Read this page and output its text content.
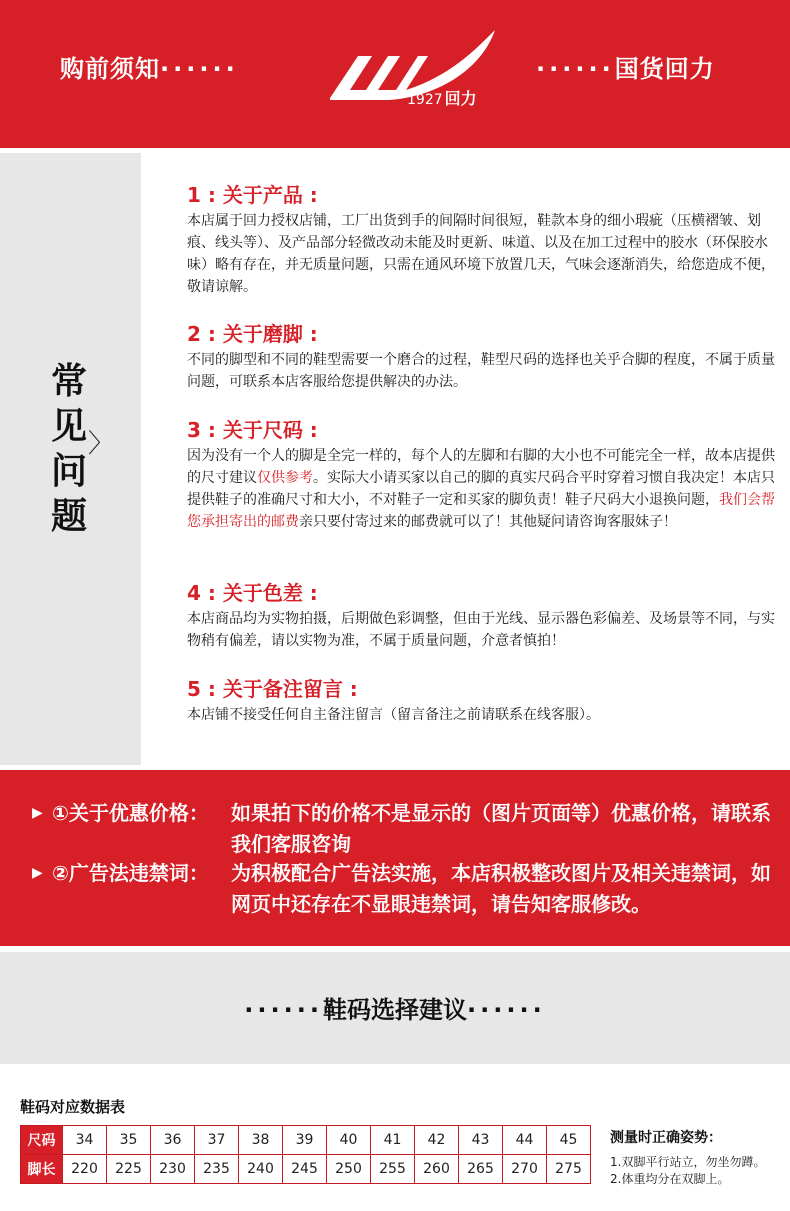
购前须知······
1927 回力
······国货回力
常
见
问
题
〉
1 : 关于产品 :
本店属于回力授权店铺，工厂出货到手的间隔时间很短，鞋款本身的细小瑕疵（压横褶皱、划痕、线头等）、及产品部分轻微改动未能及时更新、味道、以及在加工过程中的胶水（环保胶水味）略有存在，并无质量问题，只需在通风环境下放置几天，气味会逐渐消失，给您造成不便，敬请谅解。
2 : 关于磨脚 :
不同的脚型和不同的鞋型需要一个磨合的过程，鞋型尺码的选择也关乎合脚的程度，不属于质量问题，可联系本店客服给您提供解决的办法。
3 : 关于尺码 :
因为没有一个人的脚是全完一样的，每个人的左脚和右脚的大小也不可能完全一样，故本店提供的尺寸建议仅供参考。实际大小请买家以自己的脚的真实尺码合平时穿着习惯自我决定！本店只提供鞋子的准确尺寸和大小，不对鞋子一定和买家的脚负责！鞋子尺码大小退换问题，我们会帮您承担寄出的邮费亲只要付寄过来的邮费就可以了！其他疑问请咨询客服妹子！
4 : 关于色差 :
本店商品均为实物拍摄，后期做色彩调整，但由于光线、显示器色彩偏差、及场景等不同，与实物稍有偏差，请以实物为准，不属于质量问题，介意者慎拍！
5 : 关于备注留言 :
本店铺不接受任何自主备注留言（留言备注之前请联系在线客服）。
▶ ①关于优惠价格： 如果拍下的价格不是显示的（图片页面等）优惠价格，请联系我们客服咨询
▶ ②广告法违禁词： 为积极配合广告法实施，本店积极整改图片及相关违禁词，如网页中还存在不显眼违禁词，请告知客服修改。
······鞋码选择建议······
鞋码对应数据表
尺码	34	35	36	37	38	39	40	41	42	43	44	45
脚长	220	225	230	235	240	245	250	255	260	265	270	275
测量时正确姿势：
1.双脚平行站立，勿坐勿蹲。
2.体重均分在双脚上。
